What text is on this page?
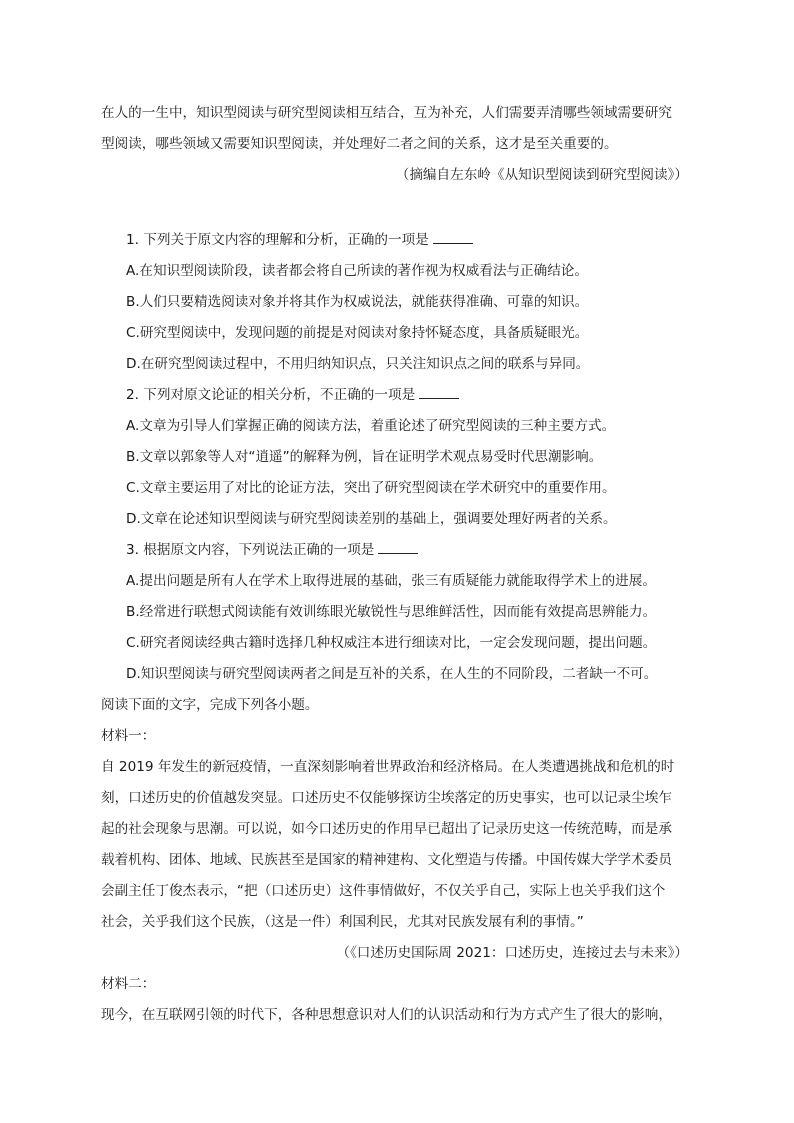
在人的一生中，知识型阅读与研究型阅读相互结合，互为补充，人们需要弄清哪些领域需要研究
型阅读，哪些领域又需要知识型阅读，并处理好二者之间的关系，这才是至关重要的。
（摘编自左东岭《从知识型阅读到研究型阅读》）
1. 下列关于原文内容的理解和分析，正确的一项是
A.在知识型阅读阶段，读者都会将自己所读的著作视为权威看法与正确结论。
B.人们只要精选阅读对象并将其作为权威说法，就能获得准确、可靠的知识。
C.研究型阅读中，发现问题的前提是对阅读对象持怀疑态度，具备质疑眼光。
D.在研究型阅读过程中，不用归纳知识点，只关注知识点之间的联系与异同。
2. 下列对原文论证的相关分析，不正确的一项是
A.文章为引导人们掌握正确的阅读方法，着重论述了研究型阅读的三种主要方式。
B.文章以郭象等人对“逍遥”的解释为例，旨在证明学术观点易受时代思潮影响。
C.文章主要运用了对比的论证方法，突出了研究型阅读在学术研究中的重要作用。
D.文章在论述知识型阅读与研究型阅读差别的基础上，强调要处理好两者的关系。
3. 根据原文内容，下列说法正确的一项是
A.提出问题是所有人在学术上取得进展的基础，张三有质疑能力就能取得学术上的进展。
B.经常进行联想式阅读能有效训练眼光敏锐性与思维鲜活性，因而能有效提高思辨能力。
C.研究者阅读经典古籍时选择几种权威注本进行细读对比，一定会发现问题，提出问题。
D.知识型阅读与研究型阅读两者之间是互补的关系，在人生的不同阶段，二者缺一不可。
阅读下面的文字，完成下列各小题。
材料一：
自 2019 年发生的新冠疫情，一直深刻影响着世界政治和经济格局。在人类遭遇挑战和危机的时
刻，口述历史的价值越发突显。口述历史不仅能够探访尘埃落定的历史事实，也可以记录尘埃乍
起的社会现象与思潮。可以说，如今口述历史的作用早已超出了记录历史这一传统范畴，而是承
载着机构、团体、地域、民族甚至是国家的精神建构、文化塑造与传播。中国传媒大学学术委员
会副主任丁俊杰表示，“把（口述历史）这件事情做好，不仅关乎自己，实际上也关乎我们这个
社会，关乎我们这个民族，（这是一件）利国利民，尤其对民族发展有利的事情。”
（《口述历史国际周 2021：口述历史，连接过去与未来》）
材料二：
现今，在互联网引领的时代下，各种思想意识对人们的认识活动和行为方式产生了很大的影响，
